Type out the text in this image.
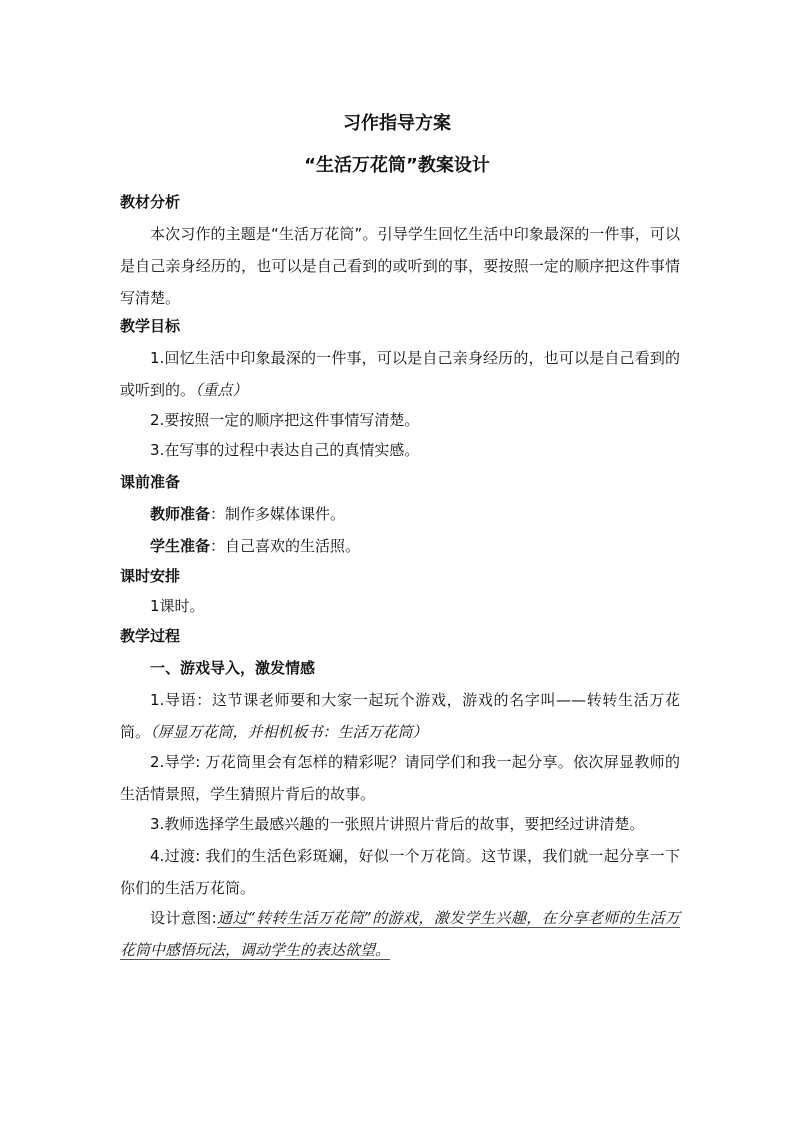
习作指导方案
“生活万花筒”教案设计

教材分析

本次习作的主题是“生活万花筒”。引导学生回忆生活中印象最深的一件事，可以是自己亲身经历的，也可以是自己看到的或听到的事，要按照一定的顺序把这件事情写清楚。

教学目标

1.回忆生活中印象最深的一件事，可以是自己亲身经历的，也可以是自己看到的或听到的。（重点）

2.要按照一定的顺序把这件事情写清楚。

3.在写事的过程中表达自己的真情实感。

课前准备

教师准备：制作多媒体课件。

学生准备：自己喜欢的生活照。

课时安排

1课时。

教学过程

一、游戏导入，激发情感

1.导语：这节课老师要和大家一起玩个游戏，游戏的名字叫——转转生活万花筒。（屏显万花筒，并相机板书：生活万花筒）

2.导学: 万花筒里会有怎样的精彩呢？请同学们和我一起分享。依次屏显教师的生活情景照，学生猜照片背后的故事。

3.教师选择学生最感兴趣的一张照片讲照片背后的故事，要把经过讲清楚。

4.过渡: 我们的生活色彩斑斓，好似一个万花筒。这节课，我们就一起分享一下你们的生活万花筒。

设计意图:通过“转转生活万花筒”的游戏，激发学生兴趣，在分享老师的生活万花筒中感悟玩法，调动学生的表达欲望。
